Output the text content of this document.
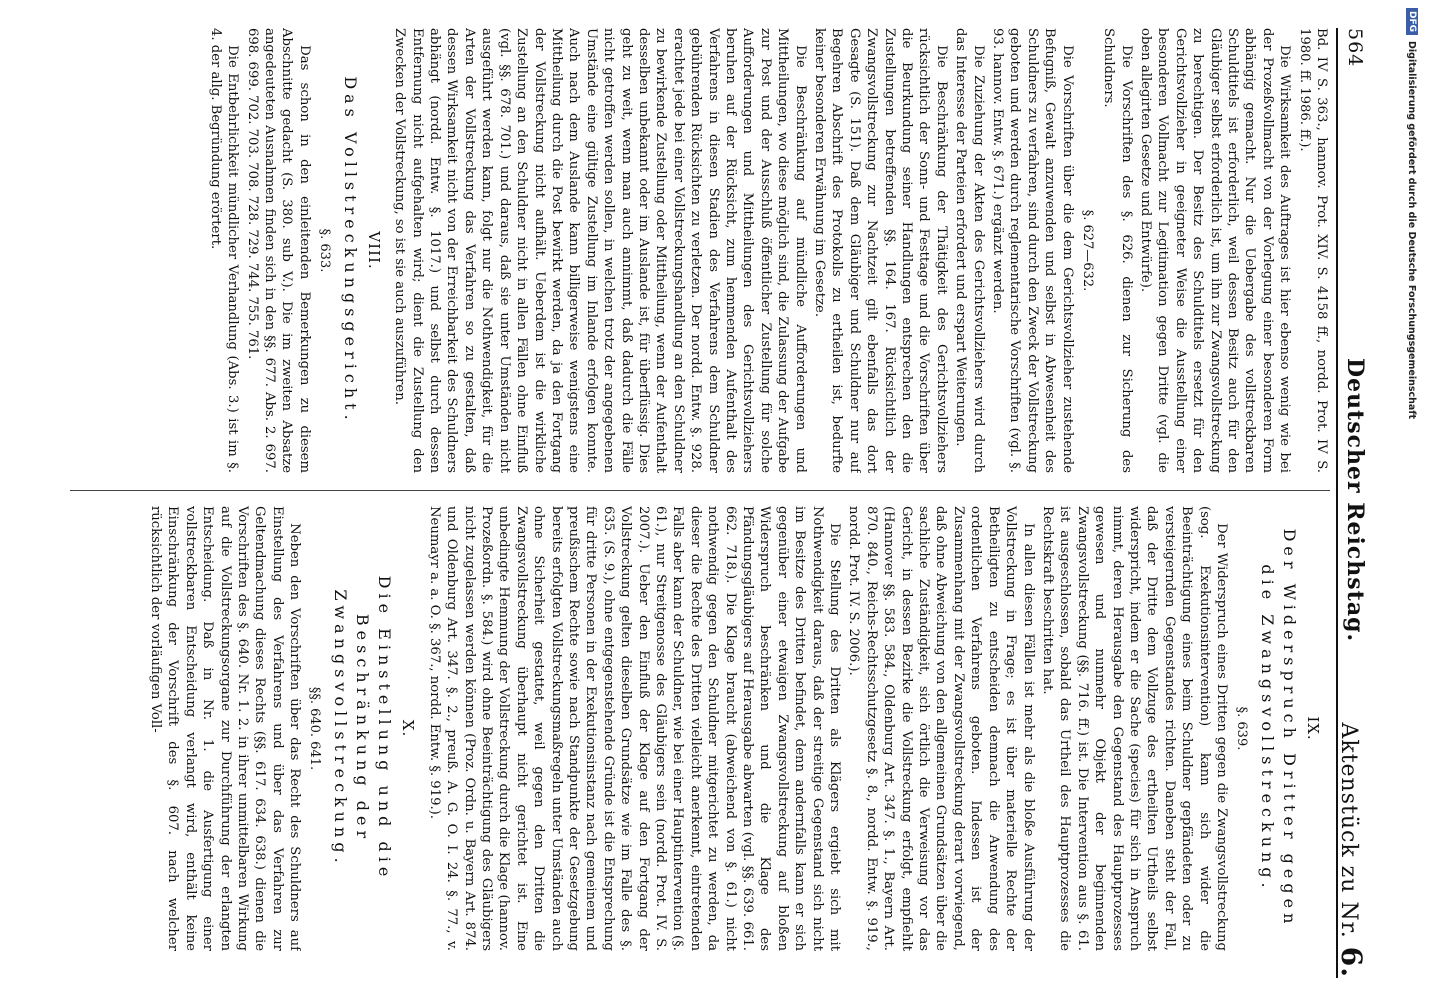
564
Deutscher Reichstag.
Aktenstück zu Nr. 6.

Bd. IV S. 363., hannov. Prot. XIV. S. 4158 ff., nordd. Prot. IV S. 1980. ff. 1986. ff.).

Die Wirksamkeit des Auftrages ist hier ebenso wenig wie bei der Prozeßvollmacht von der Vorlegung einer besonderen Form abhängig gemacht. Nur die Uebergabe des vollstreckbaren Schuldtitels ist erforderlich, weil dessen Besitz auch für den Gläubiger selbst erforderlich ist, um ihn zur Zwangsvollstreckung zu berechtigen. Der Besitz des Schuldtitels ersetzt für den Gerichtsvollzieher in geeigneter Weise die Ausstellung einer besonderen Vollmacht zur Legitimation gegen Dritte (vgl. die oben allegirten Gesetze und Entwürfe).

Die Vorschriften des §. 626. dienen zur Sicherung des Schuldners.

§. 627—632.

Die Vorschriften über die dem Gerichtsvollzieher zustehende Befugniß, Gewalt anzuwenden und selbst in Abwesenheit des Schuldners zu verfahren, sind durch den Zweck der Vollstreckung geboten und werden durch reglementarische Vorschriften (vgl. §. 93. hannov. Entw. §. 671.) ergänzt werden.

Die Zuziehung der Akten des Gerichtsvollziehers wird durch das Interesse der Parteien erfordert und erspart Weiterungen.

Die Beschränkung der Thätigkeit des Gerichtsvollziehers rücksichtlich der Sonn- und Festtage und die Vorschriften über die Beurkundung seiner Handlungen entsprechen den die Zustellungen betreffenden §§. 164. 167. Rücksichtlich der Zwangsvollstreckung zur Nachtzeit gilt ebenfalls das dort Gesagte (S. 151). Daß dem Gläubiger und Schuldner nur auf Begehren Abschrift des Protokolls zu ertheilen ist, bedurfte keiner besonderen Erwähnung im Gesetze.

Die Beschränkung auf mündliche Aufforderungen und Mittheilungen, wo diese möglich sind, die Zulassung der Aufgabe zur Post und der Ausschluß öffentlicher Zustellung für solche Aufforderungen und Mittheilungen des Gerichtsvollziehers beruhen auf der Rücksicht, zum hemmenden Aufenthalt des Verfahrens in diesen Stadien des Verfahrens dem Schuldner gebührenden Rücksichten zu verletzen. Der nordd. Entw. §. 928. erachtet jede bei einer Vollstreckungshandlung an den Schuldner zu bewirkende Zustellung oder Mittheilung, wenn der Aufenthalt desselben unbekannt oder im Auslande ist, für überflüssig. Dies geht zu weit, wenn man auch annimmt, daß dadurch die Fälle nicht getroffen werden sollen, in welchen trotz der angegebenen Umstände eine gültige Zustellung im Inlande erfolgen konnte. Auch nach dem Auslande kann billigerweise wenigstens eine Mittheilung durch die Post bewirkt werden, da ja den Fortgang der Vollstreckung nicht aufhält. Ueberdem ist die wirkliche Zustellung an den Schuldner nicht in allen Fällen ohne Einfluß (vgl. §§. 678. 701.) und daraus, daß sie unter Umständen nicht ausgeführt werden kann, folgt nur die Nothwendigkeit, für die Arten der Vollstreckung das Verfahren so zu gestalten, daß dessen Wirksamkeit nicht von der Erreichbarkeit des Schuldners abhängt (nordd. Entw. §. 1017.) und selbst durch dessen Entfernung nicht aufgehalten wird; dient die Zustellung den Zwecken der Vollstreckung, so ist sie auch auszuführen.

VIII.
Das Vollstreckungsgericht.
§. 633.

Das schon in den einleitenden Bemerkungen zu diesem Abschnitte gedacht (S. 380. sub V.). Die im zweiten Absatze angedeuteten Ausnahmen finden sich in den §§. 677. Abs. 2. 697. 698. 699. 702. 703. 708. 728. 729. 744. 755. 761.

Die Entbehrlichkeit mündlicher Verhandlung (Abs. 3.) ist im §. 4. der allg. Begründung erörtert.

IX.
Der Widerspruch Dritter gegen die Zwangsvollstreckung.
§. 639.

Der Widerspruch eines Dritten gegen die Zwangsvollstreckung (sog. Exekutionsintervention) kann sich wider die Beeinträchtigung eines beim Schuldner gepfändeten oder zu versteigernden Gegenstandes richten. Daneben steht der Fall, daß der Dritte dem Vollzuge des ertheilten Urtheils selbst widerspricht, indem er die Sache (species) für sich in Anspruch nimmt, deren Herausgabe den Gegenstand des Hauptprozesses gewesen und nunmehr Objekt der beginnenden Zwangsvollstreckung (§§. 716. ff.) ist. Die Intervention aus §. 61. ist ausgeschlossen, sobald das Urtheil des Hauptprozesses die Rechtskraft beschritten hat.

In allen diesen Fällen ist mehr als die bloße Ausführung der Vollstreckung in Frage; es ist über materielle Rechte der Betheiligten zu entscheiden demnach die Anwendung des ordentlichen Verfahrens geboten. Indessen ist der Zusammenhang mit der Zwangsvollstreckung derart vorwiegend, daß ohne Abweichung von den allgemeinen Grundsätzen über die sachliche Zuständigkeit, sich örtlich die Verweisung vor das Gericht, in dessen Bezirke die Vollstreckung erfolgt, empfiehlt (Hannover §§. 583. 584., Oldenburg Art. 347. §. 1., Bayern Art. 870. 840., Reichs-Rechtsschutzgesetz §. 8., nordd. Entw. §. 919., nordd. Prot. IV. S. 2006.).

Die Stellung des Dritten als Klägers ergiebt sich mit Nothwendigkeit daraus, daß der streitige Gegenstand sich nicht im Besitze des Dritten befindet, denn andernfalls kann er sich gegenüber einer etwaigen Zwangsvollstreckung auf bloßen Widerspruch beschränken und die Klage des Pfändungsgläubigers auf Herausgabe abwarten (vgl. §§. 639. 661. 662. 718.). Die Klage braucht (abweichend von §. 61.) nicht nothwendig gegen den Schuldner mitgerichtet zu werden, da dieser die Rechte des Dritten vielleicht anerkennt, eintretenden Falls aber kann der Schuldner, wie bei einer Hauptintervention (§. 61.), nur Streitgenosse des Gläubigers sein (nordd. Prot. IV. S. 2007.). Ueber den Einfluß der Klage auf den Fortgang der Vollstreckung gelten dieselben Grundsätze wie im Falle des §. 635. (S. 9.), ohne entgegenstehende Gründe ist die Entsprechung für dritte Personen in der Exekutionsinstanz nach gemeinem und preußischem Rechte sowie nach Standpunkte der Gesetzgebung bereits erfolgten Vollstreckungsmaßregeln unter Umständen auch ohne Sicherheit gestattet, weil gegen den Dritten die Zwangsvollstreckung überhaupt nicht gerichtet ist. Eine unbedingte Hemmung der Vollstreckung durch die Klage (hannov. Prozeßordn. §. 584.) wird ohne Beeinträchtigung des Gläubigers nicht zugelassen werden können (Proz. Ordn. u. Bayern Art. 874. und Oldenburg Art. 347. §. 2., preuß. A. G. O. I. 24. §. 77., v. Neumayr a. a. O. §. 367., nordd. Entw. §. 919.).

X.
Die Einstellung und die Beschränkung der Zwangsvollstreckung.
§§. 640. 641.

Neben den Vorschriften über das Recht des Schuldners auf Einstellung des Verfahrens und über das Verfahren zur Geltendmachung dieses Rechts (§§. 617. 634. 638.) dienen die Vorschriften des §. 640. Nr. 1. 2. in ihrer unmittelbaren Wirkung auf die Vollstreckungsorgane zur Durchführung der erlangten Entscheidung. Daß in Nr. 1. die Ausfertigung einer vollstreckbaren Entscheidung verlangt wird, enthält keine Einschränkung der Vorschrift des §. 607. nach welcher rücksichtlich der vorläufigen Voll-

DFG
Digitalisierung gefördert durch die Deutsche Forschungsgemeinschaft
